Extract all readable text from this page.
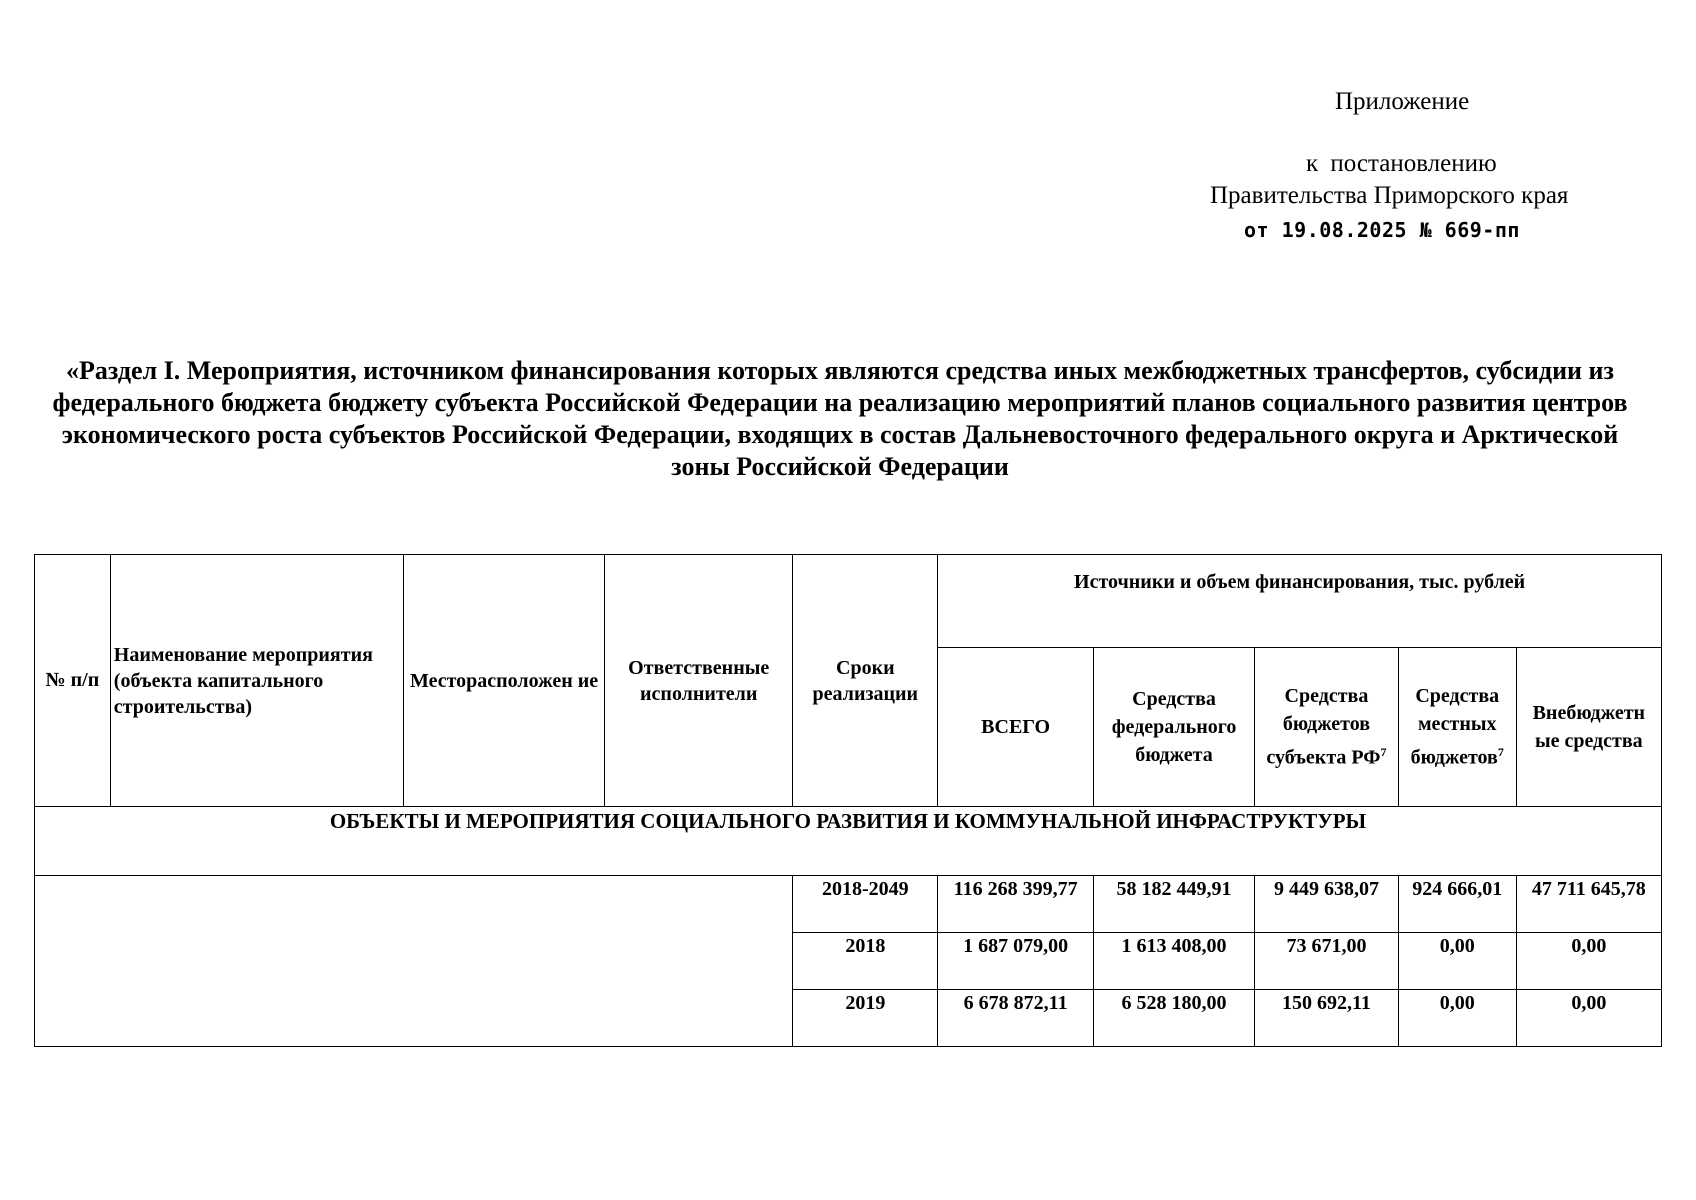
Приложение
к постановлению
Правительства Приморского края
от 19.08.2025 № 669-пп
«Раздел I. Мероприятия, источником финансирования которых являются средства иных межбюджетных трансфертов, субсидии из федерального бюджета бюджету субъекта Российской Федерации на реализацию мероприятий планов социального развития центров экономического роста субъектов Российской Федерации, входящих в состав Дальневосточного федерального округа и Арктической зоны Российской Федерации
№ п/п	Наименование мероприятия (объекта капитального строительства)	Месторасположен ие	Ответственные исполнители	Сроки реализации	Источники и объем финансирования, тыс. рублей				
					ВСЕГО	Средства федерального бюджета	Средства бюджетов субъекта $РФ^7$	Средства местных бюджетов$^7$	Внебюджетн ые средства
ОБЪЕКТЫ И МЕРОПРИЯТИЯ СОЦИАЛЬНОГО РАЗВИТИЯ И КОММУНАЛЬНОЙ ИНФРАСТРУКТУРЫ									
				2018-2049	116 268 399,77	58 182 449,91	9 449 638,07	924 666,01	47 711 645,78
				2018	1 687 079,00	1 613 408,00	73 671,00	0,00	0,00
				2019	6 678 872,11	6 528 180,00	150 692,11	0,00	0,00
